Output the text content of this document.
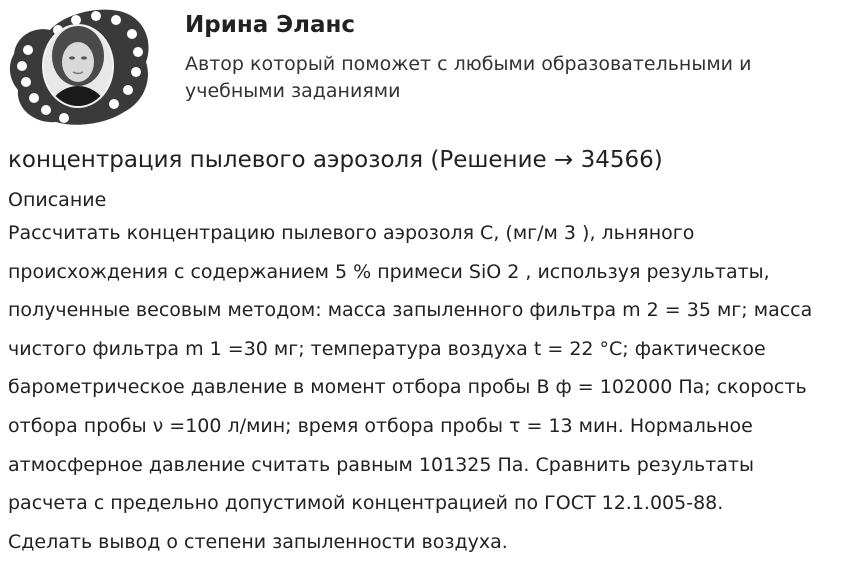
Ирина Эланс
Автор который поможет с любыми образовательными и
учебными заданиями
концентрация пылевого аэрозоля (Решение → 34566)
Описание

Рассчитать концентрацию пылевого аэрозоля С, (мг/м 3 ), льняного

происхождения с содержанием 5 % примеси SiO 2 , используя результаты,

полученные весовым методом: масса запыленного фильтра m 2 = 35 мг; масса

чистого фильтра m 1 =30 мг; температура воздуха t = 22 °С; фактическое

барометрическое давление в момент отбора пробы В ф = 102000 Па; скорость

отбора пробы ν =100 л/мин; время отбора пробы τ = 13 мин. Нормальное

атмосферное давление считать равным 101325 Па. Сравнить результаты

расчета с предельно допустимой концентрацией по ГОСТ 12.1.005-88.

Сделать вывод о степени запыленности воздуха.
